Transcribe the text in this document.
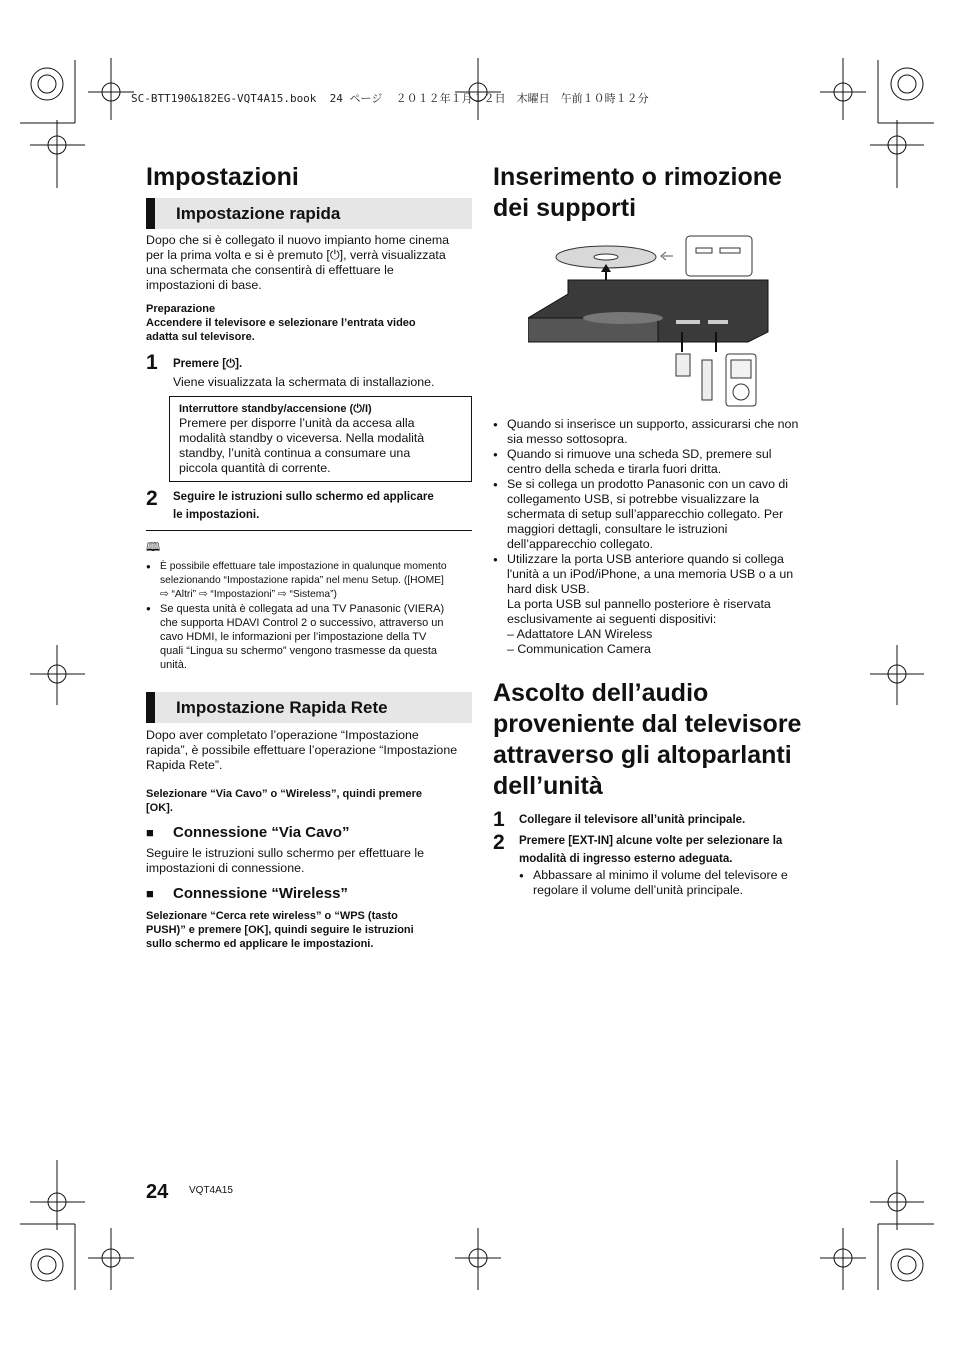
SC-BTT190&182EG-VQT4A15.book  24 ページ  ２０１２年１月１２日　木曜日　午前１０時１２分
Impostazioni
Impostazione rapida

Dopo che si è collegato il nuovo impianto home cinema

per la prima volta e si è premuto [⏻], verrà visualizzata

una schermata che consentirà di effettuare le

impostazioni di base.

Preparazione
Accendere il televisore e selezionare l’entrata video
adatta sul televisore.
1	Premere [⏻].

Viene visualizzata la schermata di installazione.

Interruttore standby/accensione (⏻/I)
Premere per disporre l’unità da accesa alla
modalità standby o viceversa. Nella modalità
standby, l’unità continua a consumare una
piccola quantità di corrente.
2	Seguire le istruzioni sullo schermo ed applicare
le impostazioni.
🕮
● È possibile effettuare tale impostazione in qualunque momento
selezionando “Impostazione rapida” nel menu Setup. ([HOME]
⇨ “Altri” ⇨ “Impostazioni” ⇨ “Sistema”)
● Se questa unità è collegata ad una TV Panasonic (VIERA)
che supporta HDAVI Control 2 o successivo, attraverso un
cavo HDMI, le informazioni per l’impostazione della TV
quali “Lingua su schermo” vengono trasmesse da questa
unità.
Impostazione Rapida Rete

Dopo aver completato l’operazione “Impostazione

rapida”, è possibile effettuare l’operazione “Impostazione

Rapida Rete”.

Selezionare “Via Cavo” o “Wireless”, quindi premere
[OK].
■	Connessione “Via Cavo”

Seguire le istruzioni sullo schermo per effettuare le

impostazioni di connessione.

■	Connessione “Wireless”
Selezionare “Cerca rete wireless” o “WPS (tasto
PUSH)” e premere [OK], quindi seguire le istruzioni
sullo schermo ed applicare le impostazioni.
Inserimento o rimozione
dei supporti
● Quando si inserisce un supporto, assicurarsi che non
sia messo sottosopra.
● Quando si rimuove una scheda SD, premere sul
centro della scheda e tirarla fuori dritta.
● Se si collega un prodotto Panasonic con un cavo di
collegamento USB, si potrebbe visualizzare la
schermata di setup sull’apparecchio collegato. Per
maggiori dettagli, consultare le istruzioni
dell’apparecchio collegato.
● Utilizzare la porta USB anteriore quando si collega
l'unità a un iPod/iPhone, a una memoria USB o a un
hard disk USB.
La porta USB sul pannello posteriore è riservata
esclusivamente ai seguenti dispositivi:
– Adattatore LAN Wireless
– Communication Camera
Ascolto dell’audio
proveniente dal televisore
attraverso gli altoparlanti
dell’unità
1	Collegare il televisore all’unità principale.
2	Premere [EXT-IN] alcune volte per selezionare la
modalità di ingresso esterno adeguata.
● Abbassare al minimo il volume del televisore e
regolare il volume dell’unità principale.
24 VQT4A15
